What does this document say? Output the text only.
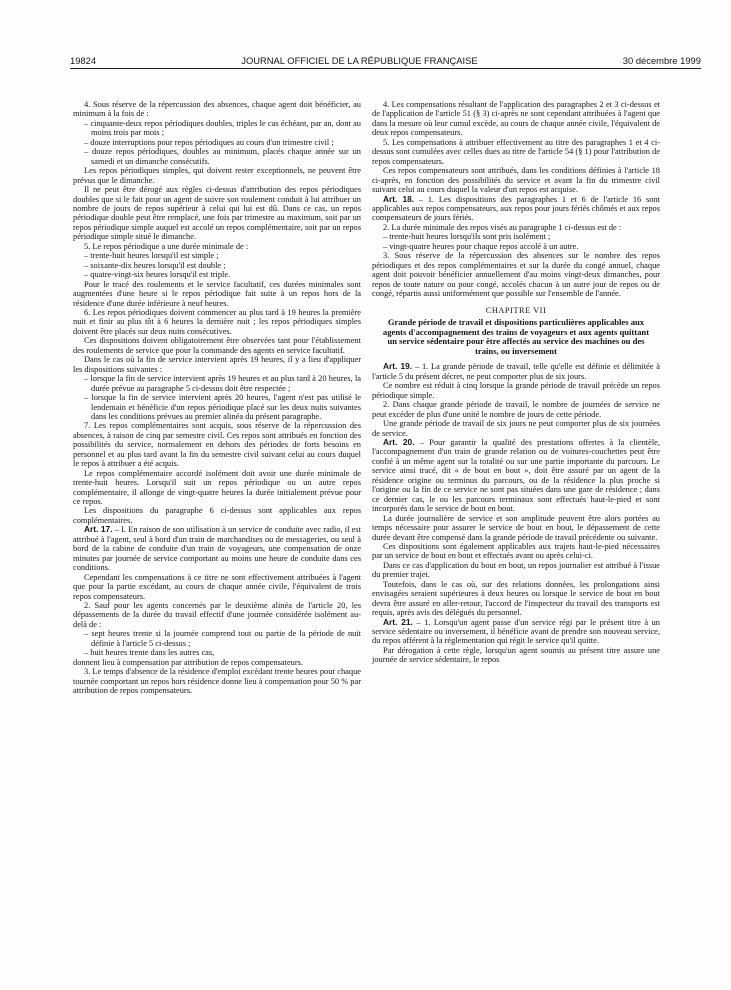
19824	JOURNAL OFFICIEL DE LA RÉPUBLIQUE FRANÇAISE	30 décembre 1999

4. Sous réserve de la répercussion des absences, chaque agent doit bénéficier, au minimum à la fois de :

– cinquante-deux repos périodiques doubles, triples le cas échéant, par an, dont au moins trois par mois ;
– douze interruptions pour repos périodiques au cours d'un trimestre civil ;
– douze repos périodiques, doubles au minimum, placés chaque année sur un samedi et un dimanche consécutifs.

Les repos périodiques simples, qui doivent rester exceptionnels, ne peuvent être prévus que le dimanche.

Il ne peut être dérogé aux règles ci-dessus d'attribution des repos périodiques doubles que si le fait pour un agent de suivre son roulement conduit à lui attribuer un nombre de jours de repos supérieur à celui qui lui est dû. Dans ce cas, un repos périodique double peut être remplacé, une fois par trimestre au maximum, soit par un repos périodique simple auquel est accolé un repos complémentaire, soit par un repos périodique simple situé le dimanche.

5. Le repos périodique a une durée minimale de :

– trente-huit heures lorsqu'il est simple ;
– soixante-dix heures lorsqu'il est double ;
– quatre-vingt-six heures lorsqu'il est triple.

Pour le tracé des roulements et le service facultatif, ces durées minimales sont augmentées d'une heure si le repos périodique fait suite à un repos hors de la résidence d'une durée inférieure à neuf heures.

6. Les repos périodiques doivent commencer au plus tard à 19 heures la première nuit et finir au plus tôt à 6 heures la dernière nuit ; les repos périodiques simples doivent être placés sur deux nuits consécutives.

Ces dispositions doivent obligatoirement être observées tant pour l'établissement des roulements de service que pour la commande des agents en service facultatif.

Dans le cas où la fin de service intervient après 19 heures, il y a lieu d'appliquer les dispositions suivantes :

– lorsque la fin de service intervient après 19 heures et au plus tard à 20 heures, la durée prévue au paragraphe 5 ci-dessus doit être respectée ;
– lorsque la fin de service intervient après 20 heures, l'agent n'est pas utilisé le lendemain et bénéficie d'un repos périodique placé sur les deux nuits suivantes dans les conditions prévues au premier alinéa du présent paragraphe.

7. Les repos complémentaires sont acquis, sous réserve de la répercussion des absences, à raison de cinq par semestre civil. Ces repos sont attribués en fonction des possibilités du service, normalement en dehors des périodes de forts besoins en personnel et au plus tard avant la fin du semestre civil suivant celui au cours duquel le repos à attribuer a été acquis.

Le repos complémentaire accordé isolément doit avoir une durée minimale de trente-huit heures. Lorsqu'il suit un repos périodique ou un autre repos complémentaire, il allonge de vingt-quatre heures la durée initialement prévue pour ce repos.

Les dispositions du paragraphe 6 ci-dessus sont applicables aux repos complémentaires.

Art. 17. – I. En raison de son utilisation à un service de conduite avec radio, il est attribué à l'agent, seul à bord d'un train de marchandises ou de messageries, ou seul à bord de la cabine de conduite d'un train de voyageurs, une compensation de onze minutes par journée de service comportant au moins une heure de conduite dans ces conditions.

Cependant les compensations à ce titre ne sont effectivement attribuées à l'agent que pour la partie excédant, au cours de chaque année civile, l'équivalent de trois repos compensateurs.

2. Sauf pour les agents concernés par le deuxième alinéa de l'article 20, les dépassements de la durée du travail effectif d'une journée considérée isolément au-delà de :

– sept heures trente si la journée comprend tout ou partie de la période de nuit définie à l'article 5 ci-dessus ;
– huit heures trente dans les autres cas,

donnent lieu à compensation par attribution de repos compensateurs.

3. Le temps d'absence de la résidence d'emploi excédant trente heures pour chaque tournée comportant un repos hors résidence donne lieu à compensation pour 50 % par attribution de repos compensateurs.

4. Les compensations résultant de l'application des paragraphes 2 et 3 ci-dessus et de l'application de l'article 51 (§ 3) ci-après ne sont cependant attribuées à l'agent que dans la mesure où leur cumul excède, au cours de chaque année civile, l'équivalent de deux repos compensateurs.

5. Les compensations à attribuer effectivement au titre des paragraphes 1 et 4 ci-dessus sont cumulées avec celles dues au titre de l'article 54 (§ 1) pour l'attribution de repos compensateurs.

Ces repos compensateurs sont attribués, dans les conditions définies à l'article 18 ci-après, en fonction des possibilités du service et avant la fin du trimestre civil suivant celui au cours duquel la valeur d'un repos est acquise.

Art. 18. – 1. Les dispositions des paragraphes 1 et 6 de l'article 16 sont applicables aux repos compensateurs, aux repos pour jours fériés chômés et aux repos compensateurs de jours fériés.

2. La durée minimale des repos visés au paragraphe 1 ci-dessus est de :

– trente-huit heures lorsqu'ils sont pris isolément ;
– vingt-quatre heures pour chaque repos accolé à un autre.

3. Sous réserve de la répercussion des absences sur le nombre des repos périodiques et des repos complémentaires et sur la durée du congé annuel, chaque agent doit pouvoir bénéficier annuellement d'au moins vingt-deux dimanches, pour repos de toute nature ou pour congé, accolés chacun à un autre jour de repos ou de congé, répartis aussi uniformément que possible sur l'ensemble de l'année.

CHAPITRE VII

Grande période de travail et dispositions particulières applicables aux agents d'accompagnement des trains de voyageurs et aux agents quittant un service sédentaire pour être affectés au service des machines ou des trains, ou inversement

Art. 19. – 1. La grande période de travail, telle qu'elle est définie et délimitée à l'article 5 du présent décret, ne peut comporter plus de six jours.

Ce nombre est réduit à cinq lorsque la grande période de travail précède un repos périodique simple.

2. Dans chaque grande période de travail, le nombre de journées de service ne peut excéder de plus d'une unité le nombre de jours de cette période.

Une grande période de travail de six jours ne peut comporter plus de six journées de service.

Art. 20. – Pour garantir la qualité des prestations offertes à la clientèle, l'accompagnement d'un train de grande relation ou de voitures-couchettes peut être confié à un même agent sur la totalité ou sur une partie importante du parcours. Le service ainsi tracé, dit « de bout en bout », doit être assuré par un agent de la résidence origine ou terminus du parcours, ou de la résidence la plus proche si l'origine ou la fin de ce service ne sont pas situées dans une gare de résidence ; dans ce dernier cas, le ou les parcours terminaux sont effectués haut-le-pied et sont incorporés dans le service de bout en bout.

La durée journalière de service et son amplitude peuvent être alors portées au temps nécessaire pour assurer le service de bout en bout, le dépassement de cette durée devant être compensé dans la grande période de travail précédente ou suivante.

Ces dispositions sont également applicables aux trajets haut-le-pied nécessaires par un service de bout en bout et effectués avant ou après celui-ci.

Dans ce cas d'application du bout en bout, un repos journalier est attribué à l'issue du premier trajet.

Toutefois, dans le cas où, sur des relations données, les prolongations ainsi envisagées seraient supérieures à deux heures ou lorsque le service de bout en bout devra être assuré en aller-retour, l'accord de l'inspecteur du travail des transports est requis, après avis des délégués du personnel.

Art. 21. – 1. Lorsqu'un agent passe d'un service régi par le présent titre à un service sédentaire ou inversement, il bénéficie avant de prendre son nouveau service, du repos afférent à la réglementation qui régit le service qu'il quitte.

Par dérogation à cette règle, lorsqu'un agent soumis au présent titre assure une journée de service sédentaire, le repos
